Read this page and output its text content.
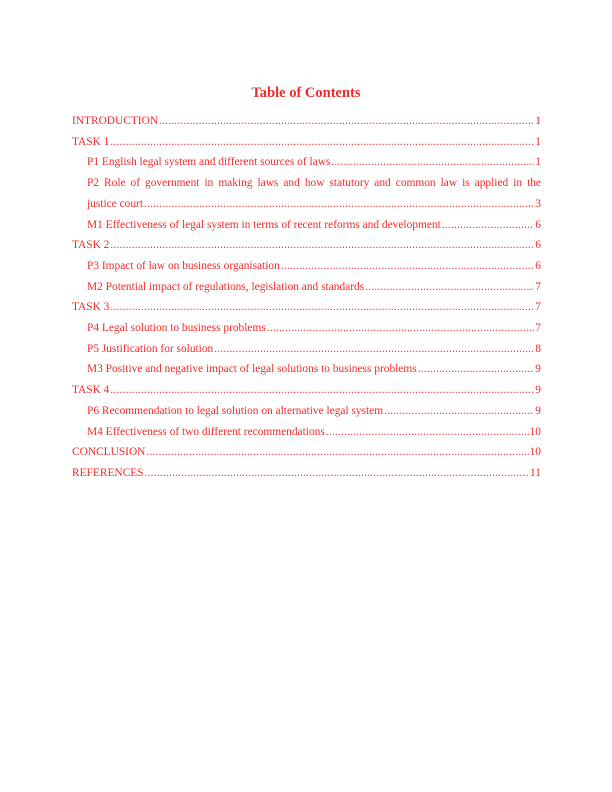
Table of Contents
INTRODUCTION .....	1
TASK 1 .....	1
P1 English legal system and different sources of laws .....	1
P2 Role of government in making laws and how statutory and common law is applied in the
justice court .....	3
M1 Effectiveness of legal system in terms of recent reforms and development .....	6
TASK 2 .....	6
P3 Impact of law on business organisation .....	6
M2 Potential impact of regulations, legislation and standards .....	7
TASK 3 .....	7
P4 Legal solution to business problems .....	7
P5 Justification for solution .....	8
M3 Positive and negative impact of legal solutions to business problems .....	9
TASK 4 .....	9
P6 Recommendation to legal solution on alternative legal system .....	9
M4 Effectiveness of two different recommendations .....	10
CONCLUSION .....	10
REFERENCES .....	11
